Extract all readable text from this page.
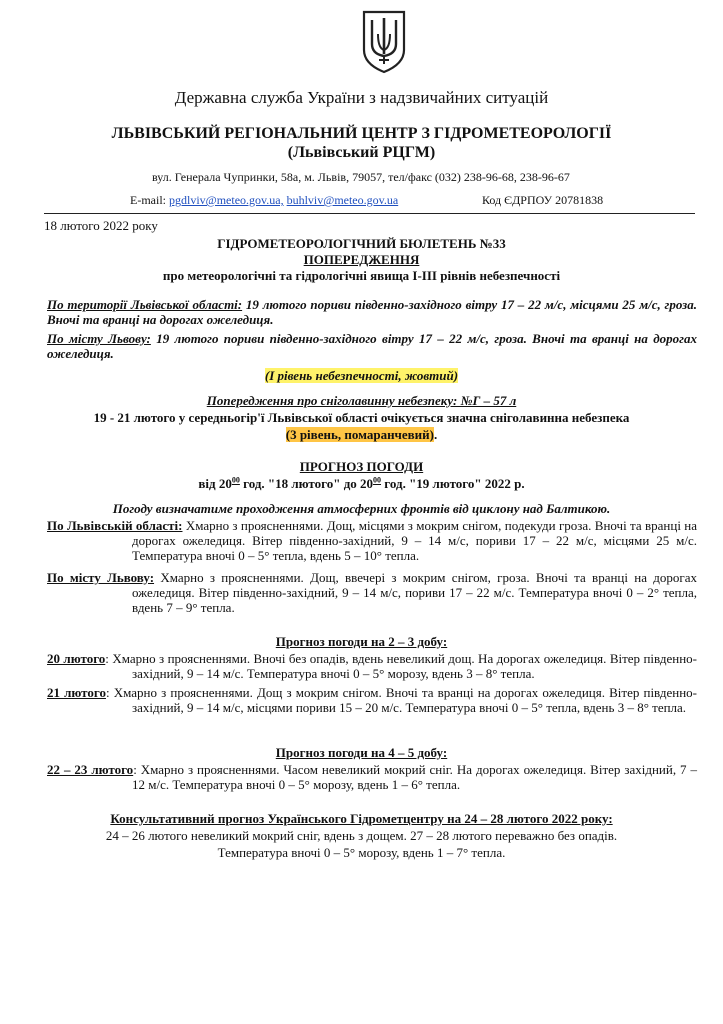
Державна служба України з надзвичайних ситуацій
ЛЬВІВСЬКИЙ РЕГІОНАЛЬНИЙ ЦЕНТР З ГІДРОМЕТЕОРОЛОГІЇ
(Львівський РЦГМ)
вул. Генерала Чупринки, 58а, м. Львів, 79057, тел/факс (032) 238-96-68, 238-96-67
E-mail: pgdlviv@meteo.gov.ua, buhlviv@meteo.gov.ua	Код ЄДРПОУ 20781838
18 лютого 2022 року
ГІДРОМЕТЕОРОЛОГІЧНИЙ БЮЛЕТЕНЬ №33
ПОПЕРЕДЖЕННЯ
про метеорологічні та гідрологічні явища І-ІІІ рівнів небезпечності
По території Львівської області: 19 лютого пориви південно-західного вітру 17 – 22 м/с, місцями 25 м/с, гроза. Вночі та вранці на дорогах ожеледиця.
По місту Львову: 19 лютого пориви південно-західного вітру 17 – 22 м/с, гроза. Вночі та вранці на дорогах ожеледиця.
(І рівень небезпечності, жовтий)
Попередження про сніголавинну небезпеку: №Г – 57 л
19 - 21 лютого у середньогір'ї Львівської області очікується значна сніголавинна небезпека
(3 рівень, помаранчевий).
ПРОГНОЗ ПОГОДИ
від $20^{00}$ год. "18 лютого" до $20^{00}$ год. "19 лютого" 2022 р.
Погоду визначатиме проходження атмосферних фронтів від циклону над Балтикою.
По Львівській області: Хмарно з проясненнями. Дощ, місцями з мокрим снігом, подекуди гроза. Вночі та вранці на дорогах ожеледиця. Вітер південно-західний, 9 – 14 м/с, пориви 17 – 22 м/с, місцями 25 м/с. Температура вночі 0 – 5° тепла, вдень 5 – 10° тепла.
По місту Львову: Хмарно з проясненнями. Дощ, ввечері з мокрим снігом, гроза. Вночі та вранці на дорогах ожеледиця. Вітер південно-західний, 9 – 14 м/с, пориви 17 – 22 м/с. Температура вночі 0 – 2° тепла, вдень 7 – 9° тепла.
Прогноз погоди на 2 – 3 добу:
20 лютого: Хмарно з проясненнями. Вночі без опадів, вдень невеликий дощ. На дорогах ожеледиця. Вітер південно-західний, 9 – 14 м/с. Температура вночі 0 – 5° морозу, вдень 3 – 8° тепла.
21 лютого: Хмарно з проясненнями. Дощ з мокрим снігом. Вночі та вранці на дорогах ожеледиця. Вітер південно-західний, 9 – 14 м/с, місцями пориви 15 – 20 м/с. Температура вночі 0 – 5° тепла, вдень 3 – 8° тепла.
Прогноз погоди на 4 – 5 добу:
22 – 23 лютого: Хмарно з проясненнями. Часом невеликий мокрий сніг. На дорогах ожеледиця. Вітер західний, 7 – 12 м/с. Температура вночі 0 – 5° морозу, вдень 1 – 6° тепла.
Консультативний прогноз Українського Гідрометцентру на 24 – 28 лютого 2022 року:
24 – 26 лютого невеликий мокрий сніг, вдень з дощем. 27 – 28 лютого переважно без опадів.
Температура вночі 0 – 5° морозу, вдень 1 – 7° тепла.
